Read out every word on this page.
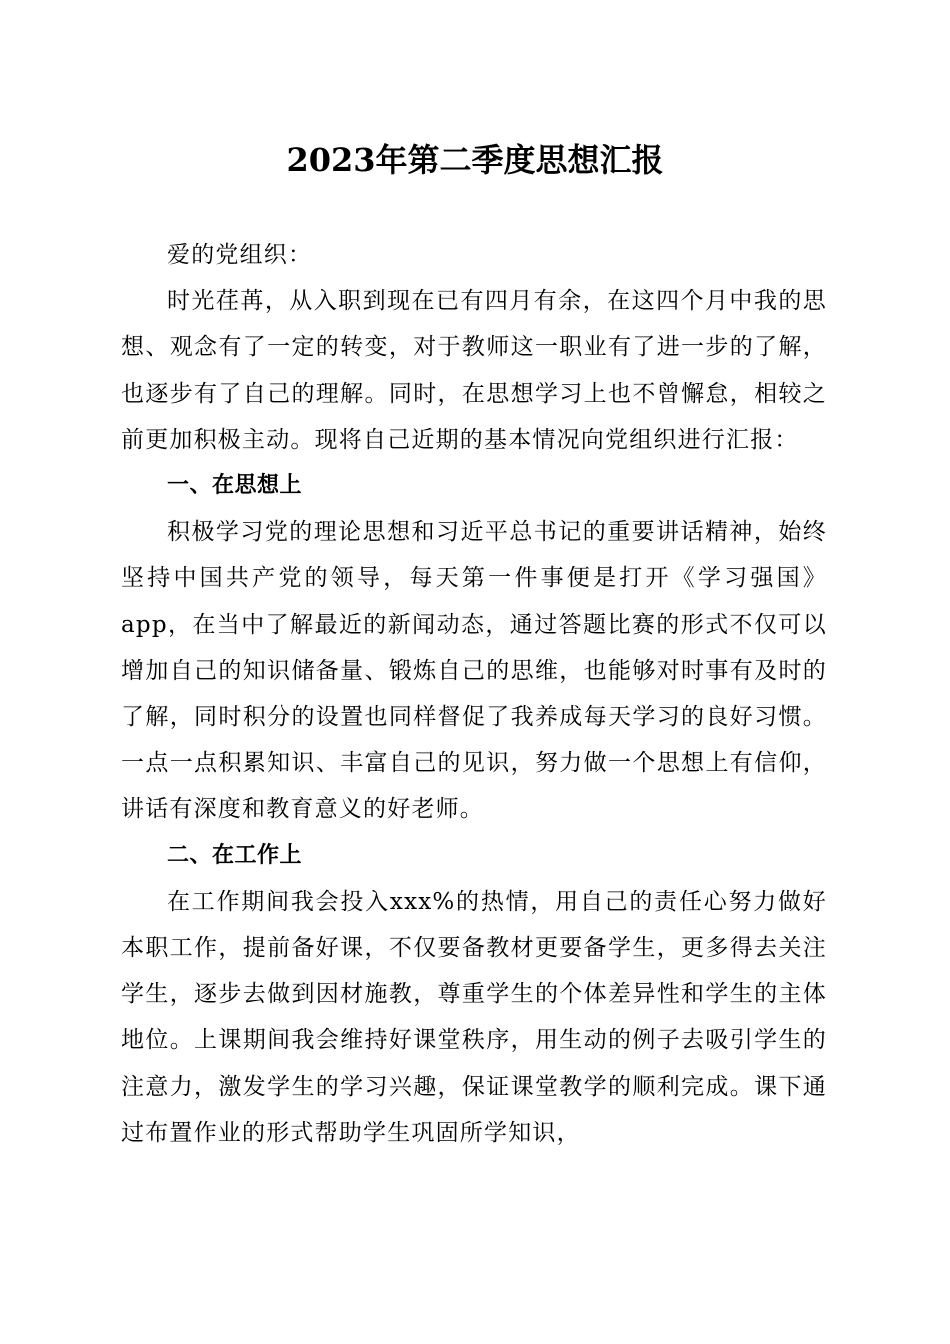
2023年第二季度思想汇报

爱的党组织：

时光荏苒，从入职到现在已有四月有余，在这四个月中我的思想、观念有了一定的转变，对于教师这一职业有了进一步的了解，也逐步有了自己的理解。同时，在思想学习上也不曾懈怠，相较之前更加积极主动。现将自己近期的基本情况向党组织进行汇报：

一、在思想上

积极学习党的理论思想和习近平总书记的重要讲话精神，始终坚持中国共产党的领导，每天第一件事便是打开《学习强国》app，在当中了解最近的新闻动态，通过答题比赛的形式不仅可以增加自己的知识储备量、锻炼自己的思维，也能够对时事有及时的了解，同时积分的设置也同样督促了我养成每天学习的良好习惯。一点一点积累知识、丰富自己的见识，努力做一个思想上有信仰，讲话有深度和教育意义的好老师。

二、在工作上

在工作期间我会投入xxx%的热情，用自己的责任心努力做好本职工作，提前备好课，不仅要备教材更要备学生，更多得去关注学生，逐步去做到因材施教，尊重学生的个体差异性和学生的主体地位。上课期间我会维持好课堂秩序，用生动的例子去吸引学生的注意力，激发学生的学习兴趣，保证课堂教学的顺利完成。课下通过布置作业的形式帮助学生巩固所学知识，
